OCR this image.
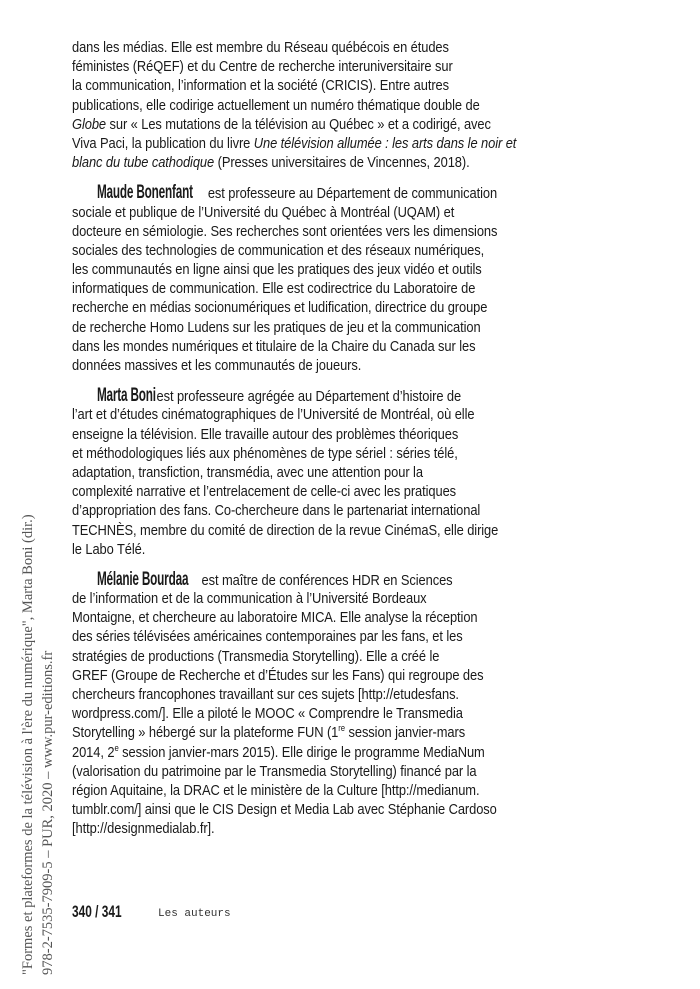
dans les médias. Elle est membre du Réseau québécois en études
féministes (RéQEF) et du Centre de recherche interuniversitaire sur
la communication, l’information et la société (CRICIS). Entre autres
publications, elle codirige actuellement un numéro thématique double de
Globe sur « Les mutations de la télévision au Québec » et a codirigé, avec
Viva Paci, la publication du livre Une télévision allumée : les arts dans le noir et
blanc du tube cathodique (Presses universitaires de Vincennes, 2018).
Maude Bonenfant est professeure au Département de communication
sociale et publique de l’Université du Québec à Montréal (UQAM) et
docteure en sémiologie. Ses recherches sont orientées vers les dimensions
sociales des technologies de communication et des réseaux numériques,
les communautés en ligne ainsi que les pratiques des jeux vidéo et outils
informatiques de communication. Elle est codirectrice du Laboratoire de
recherche en médias socionumériques et ludification, directrice du groupe
de recherche Homo Ludens sur les pratiques de jeu et la communication
dans les mondes numériques et titulaire de la Chaire du Canada sur les
données massives et les communautés de joueurs.
Marta Boni est professeure agrégée au Département d’histoire de
l’art et d’études cinématographiques de l’Université de Montréal, où elle
enseigne la télévision. Elle travaille autour des problèmes théoriques
et méthodologiques liés aux phénomènes de type sériel : séries télé,
adaptation, transfiction, transmédia, avec une attention pour la
complexité narrative et l’entrelacement de celle-ci avec les pratiques
d’appropriation des fans. Co-chercheure dans le partenariat international
TECHNÈS, membre du comité de direction de la revue CinémaS, elle dirige
le Labo Télé.
Mélanie Bourdaa est maître de conférences HDR en Sciences
de l’information et de la communication à l’Université Bordeaux
Montaigne, et chercheure au laboratoire MICA. Elle analyse la réception
des séries télévisées américaines contemporaines par les fans, et les
stratégies de productions (Transmedia Storytelling). Elle a créé le
GREF (Groupe de Recherche et d’Études sur les Fans) qui regroupe des
chercheurs francophones travaillant sur ces sujets [http://etudesfans.
wordpress.com/]. Elle a piloté le MOOC « Comprendre le Transmedia
Storytelling » hébergé sur la plateforme FUN (1re session janvier-mars
2014, 2e session janvier-mars 2015). Elle dirige le programme MediaNum
(valorisation du patrimoine par le Transmedia Storytelling) financé par la
région Aquitaine, la DRAC et le ministère de la Culture [http://medianum.
tumblr.com/] ainsi que le CIS Design et Media Lab avec Stéphanie Cardoso
[http://designmedialab.fr].
340 / 341	Les auteurs
"Formes et plateformes de la télévision à l'ère du numérique", Marta Boni (dir.) 978-2-7535-7909-5 – PUR, 2020 – www.pur-editions.fr
